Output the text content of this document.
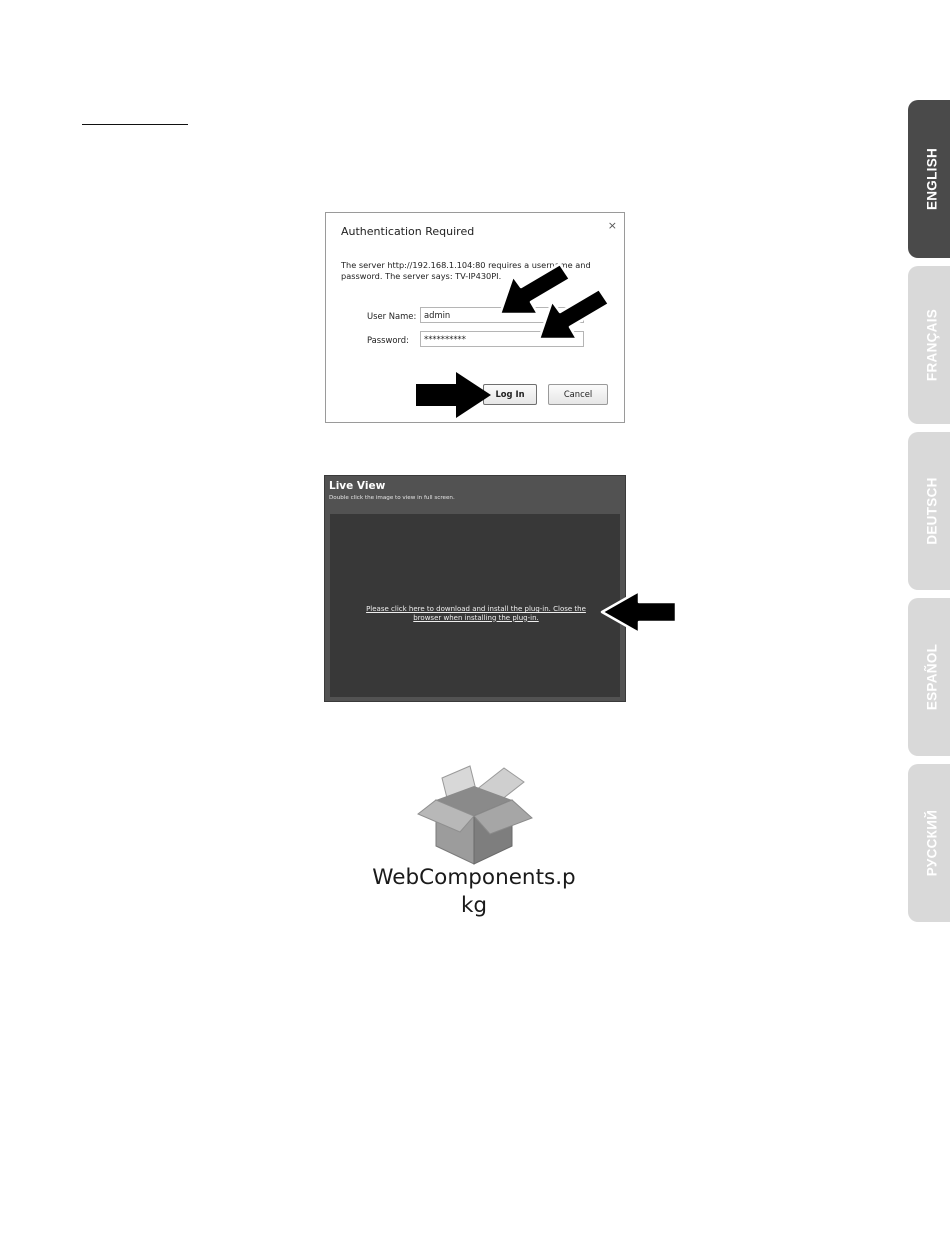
ENGLISH
FRANÇAIS
DEUTSCH
ESPAÑOL
РУССКИЙ
Authentication Required	×
The server http://192.168.1.104:80 requires a username and
password. The server says: TV-IP430PI.
User Name: admin
Password:	**********
Log In	Cancel
Live View
Double click the image to view in full screen.
Please click here to download and install the plug-in. Close the
browser when installing the plug-in.
WebComponents.p
kg
